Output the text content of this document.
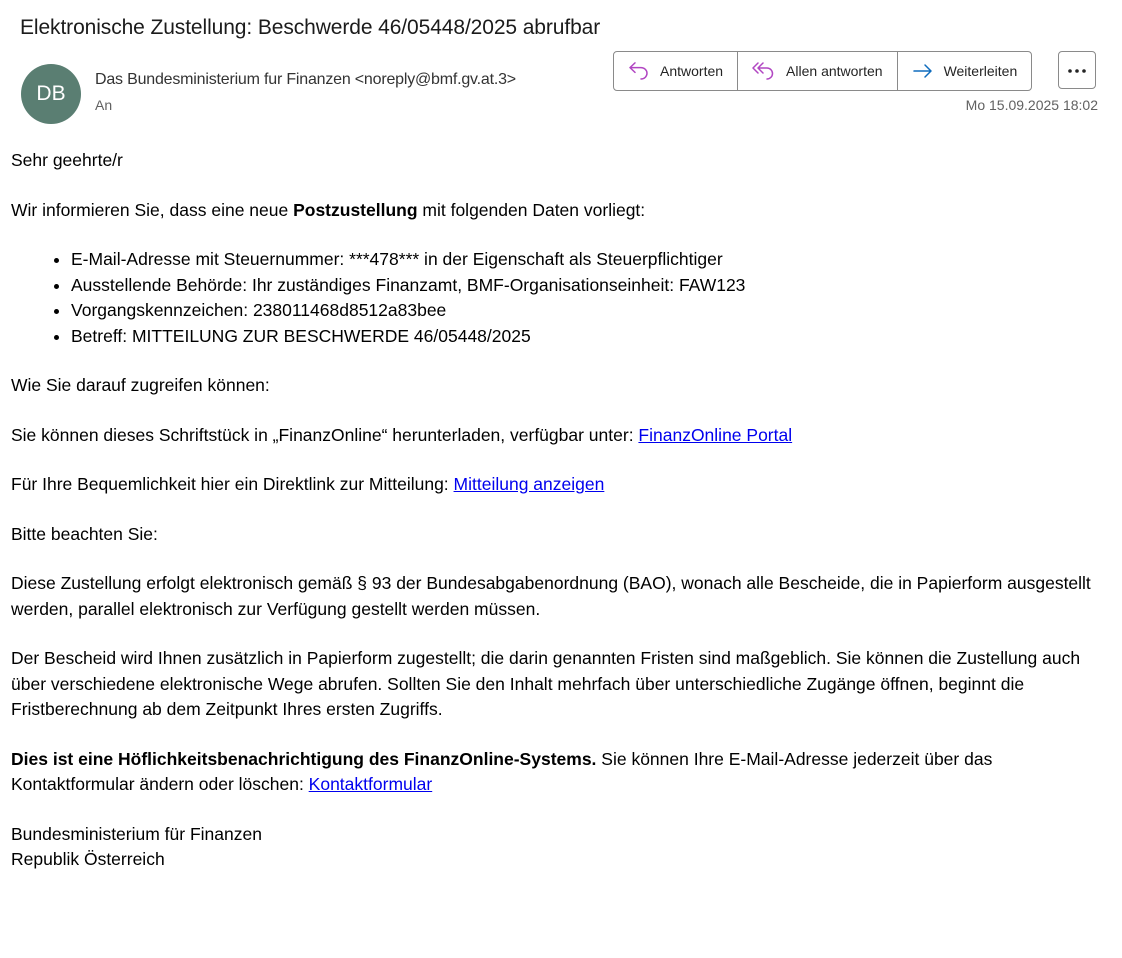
Elektronische Zustellung: Beschwerde 46/05448/2025 abrufbar
DB
Das Bundesministerium fur Finanzen <noreply@bmf.gv.at.3>
An
Antworten	Allen antworten	Weiterleiten
Mo 15.09.2025 18:02

Sehr geehrte/r

Wir informieren Sie, dass eine neue Postzustellung mit folgenden Daten vorliegt:

• E-Mail-Adresse mit Steuernummer: ***478*** in der Eigenschaft als Steuerpflichtiger
• Ausstellende Behörde: Ihr zuständiges Finanzamt, BMF-Organisationseinheit: FAW123
• Vorgangskennzeichen: 238011468d8512a83bee
• Betreff: MITTEILUNG ZUR BESCHWERDE 46/05448/2025

Wie Sie darauf zugreifen können:

Sie können dieses Schriftstück in „FinanzOnline“ herunterladen, verfügbar unter: FinanzOnline Portal

Für Ihre Bequemlichkeit hier ein Direktlink zur Mitteilung: Mitteilung anzeigen

Bitte beachten Sie:

Diese Zustellung erfolgt elektronisch gemäß § 93 der Bundesabgabenordnung (BAO), wonach alle Bescheide, die in Papierform ausgestellt werden, parallel elektronisch zur Verfügung gestellt werden müssen.

Der Bescheid wird Ihnen zusätzlich in Papierform zugestellt; die darin genannten Fristen sind maßgeblich. Sie können die Zustellung auch über verschiedene elektronische Wege abrufen. Sollten Sie den Inhalt mehrfach über unterschiedliche Zugänge öffnen, beginnt die Fristberechnung ab dem Zeitpunkt Ihres ersten Zugriffs.

Dies ist eine Höflichkeitsbenachrichtigung des FinanzOnline-Systems. Sie können Ihre E-Mail-Adresse jederzeit über das Kontaktformular ändern oder löschen: Kontaktformular

Bundesministerium für Finanzen

Republik Österreich
